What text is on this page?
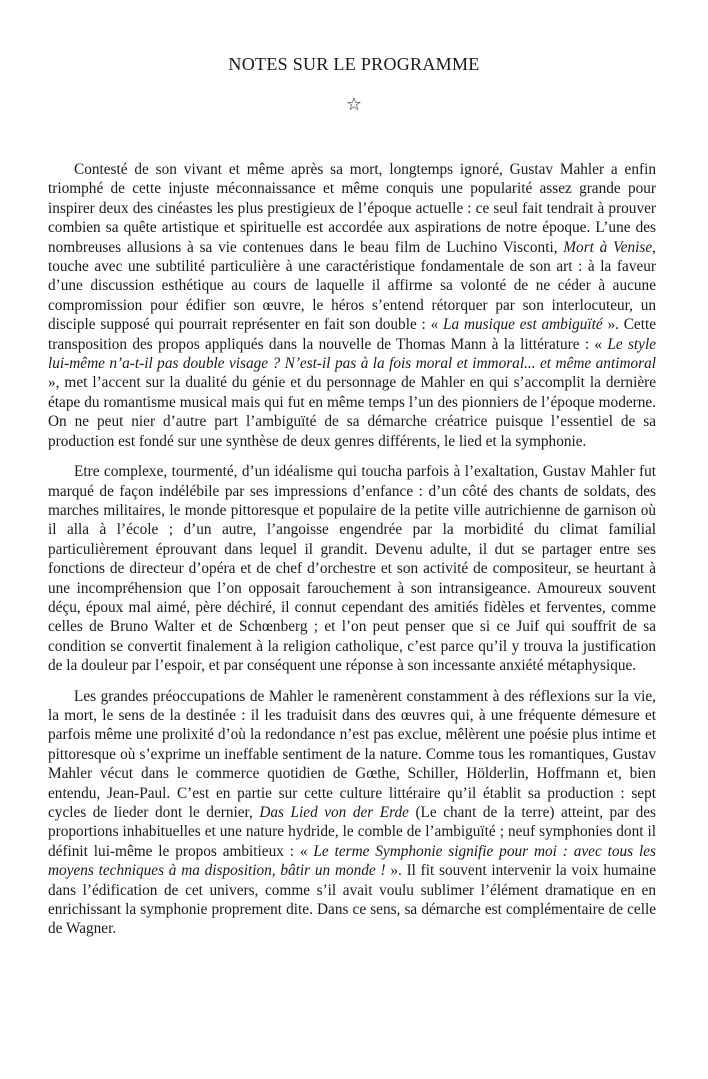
NOTES SUR LE PROGRAMME
☆

Contesté de son vivant et même après sa mort, longtemps ignoré, Gustav Mahler a enfin triomphé de cette injuste méconnaissance et même conquis une popularité assez grande pour inspirer deux des cinéastes les plus prestigieux de l’époque actuelle : ce seul fait tendrait à prouver combien sa quête artistique et spirituelle est accordée aux aspirations de notre époque. L’une des nombreuses allusions à sa vie contenues dans le beau film de Luchino Visconti, Mort à Venise, touche avec une subtilité particulière à une caractéristique fondamentale de son art : à la faveur d’une discussion esthétique au cours de laquelle il affirme sa volonté de ne céder à aucune compromission pour édifier son œuvre, le héros s’entend rétorquer par son interlocuteur, un disciple supposé qui pourrait représenter en fait son double : « La musique est ambiguïté ». Cette transposition des propos appliqués dans la nouvelle de Thomas Mann à la littérature : « Le style lui-même n’a-t-il pas double visage ? N’est-il pas à la fois moral et immoral... et même antimoral », met l’accent sur la dualité du génie et du personnage de Mahler en qui s’accomplit la dernière étape du romantisme musical mais qui fut en même temps l’un des pionniers de l’époque moderne. On ne peut nier d’autre part l’ambiguïté de sa démarche créatrice puisque l’essentiel de sa production est fondé sur une synthèse de deux genres différents, le lied et la symphonie.

Etre complexe, tourmenté, d’un idéalisme qui toucha parfois à l’exaltation, Gustav Mahler fut marqué de façon indélébile par ses impressions d’enfance : d’un côté des chants de soldats, des marches militaires, le monde pittoresque et populaire de la petite ville autrichienne de garnison où il alla à l’école ; d’un autre, l’angoisse engendrée par la morbidité du climat familial particulièrement éprouvant dans lequel il grandit. Devenu adulte, il dut se partager entre ses fonctions de directeur d’opéra et de chef d’orchestre et son activité de compositeur, se heurtant à une incompréhension que l’on opposait farouchement à son intransigeance. Amoureux souvent déçu, époux mal aimé, père déchiré, il connut cependant des amitiés fidèles et ferventes, comme celles de Bruno Walter et de Schœnberg ; et l’on peut penser que si ce Juif qui souffrit de sa condition se convertit finalement à la religion catholique, c’est parce qu’il y trouva la justification de la douleur par l’espoir, et par conséquent une réponse à son incessante anxiété métaphysique.

Les grandes préoccupations de Mahler le ramenèrent constamment à des réflexions sur la vie, la mort, le sens de la destinée : il les traduisit dans des œuvres qui, à une fréquente démesure et parfois même une prolixité d’où la redondance n’est pas exclue, mêlèrent une poésie plus intime et pittoresque où s’exprime un ineffable sentiment de la nature. Comme tous les romantiques, Gustav Mahler vécut dans le commerce quotidien de Gœthe, Schiller, Hölderlin, Hoffmann et, bien entendu, Jean-Paul. C’est en partie sur cette culture littéraire qu’il établit sa production : sept cycles de lieder dont le dernier, Das Lied von der Erde (Le chant de la terre) atteint, par des proportions inhabituelles et une nature hydride, le comble de l’ambiguïté ; neuf symphonies dont il définit lui-même le propos ambitieux : « Le terme Symphonie signifie pour moi : avec tous les moyens techniques à ma disposition, bâtir un monde ! ». Il fit souvent intervenir la voix humaine dans l’édification de cet univers, comme s’il avait voulu sublimer l’élément dramatique en en enrichissant la symphonie proprement dite. Dans ce sens, sa démarche est complémentaire de celle de Wagner.
